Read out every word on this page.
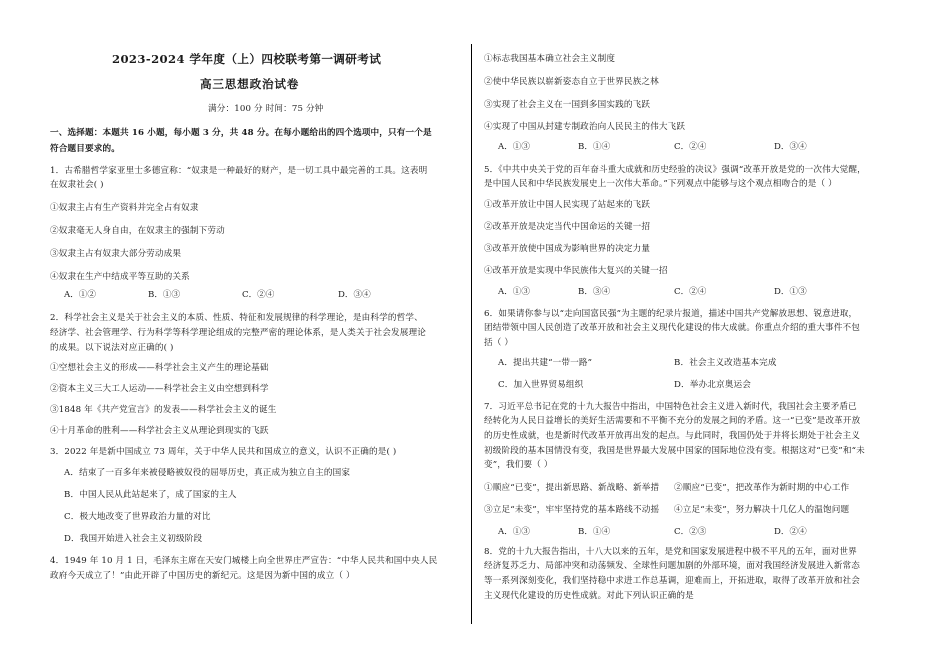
2023-2024 学年度（上）四校联考第一调研考试
高三思想政治试卷
满分：100 分 时间：75 分钟
一、选择题：本题共 16 小题，每小题 3 分，共 48 分。在每小题给出的四个选项中，只有一个是
符合题目要求的。
1．古希腊哲学家亚里士多德宣称：“奴隶是一种最好的财产，是一切工具中最完善的工具。这表明
在奴隶社会( )
①奴隶主占有生产资料并完全占有奴隶
②奴隶毫无人身自由，在奴隶主的强制下劳动
③奴隶主占有奴隶大部分劳动成果
④奴隶在生产中结成平等互助的关系
A．①②	B．①③	C．②④	D．③④
2．科学社会主义是关于社会主义的本质、性质、特征和发展规律的科学理论，是由科学的哲学、
经济学、社会管理学、行为科学等科学理论组成的完整严密的理论体系，是人类关于社会发展理论
的成果。以下说法对应正确的( )
①空想社会主义的形成——科学社会主义产生的理论基础
②资本主义三大工人运动——科学社会主义由空想到科学
③1848 年《共产党宣言》的发表——科学社会主义的诞生
④十月革命的胜利——科学社会主义从理论到现实的飞跃
3．2022 年是新中国成立 73 周年，关于中华人民共和国成立的意义，认识不正确的是( )
A．结束了一百多年来被侵略被奴役的屈辱历史，真正成为独立自主的国家
B．中国人民从此站起来了，成了国家的主人
C．极大地改变了世界政治力量的对比
D．我国开始进入社会主义初级阶段
4．1949 年 10 月 1 日，毛泽东主席在天安门城楼上向全世界庄严宣告：“中华人民共和国中央人民
政府今天成立了！”由此开辟了中国历史的新纪元。这是因为新中国的成立（ ）
①标志我国基本确立社会主义制度
②使中华民族以崭新姿态自立于世界民族之林
③实现了社会主义在一国到多国实践的飞跃
④实现了中国从封建专制政治向人民民主的伟大飞跃
A．①③	B．①④	C．②④	D．③④
5．《中共中央关于党的百年奋斗重大成就和历史经验的决议》强调“改革开放是党的一次伟大觉醒，
是中国人民和中华民族发展史上一次伟大革命。”下列观点中能够与这个观点相吻合的是（ ）
①改革开放让中国人民实现了站起来的飞跃
②改革开放是决定当代中国命运的关键一招
③改革开放使中国成为影响世界的决定力量
④改革开放是实现中华民族伟大复兴的关键一招
A．①③	B．③④	C．②④	D．①③
6．如果请你参与以“走向国富民强”为主题的纪录片报道，描述中国共产党解放思想、锐意进取，
团结带领中国人民创造了改革开放和社会主义现代化建设的伟大成就。你重点介绍的重大事件不包
括（ ）
A．提出共建“一带一路”	B．社会主义改造基本完成
C．加入世界贸易组织	D．举办北京奥运会
7．习近平总书记在党的十九大报告中指出，中国特色社会主义进入新时代，我国社会主要矛盾已
经转化为人民日益增长的美好生活需要和不平衡不充分的发展之间的矛盾。这一“已变”是改革开放
的历史性成就，也是新时代改革开放再出发的起点。与此同时，我国仍处于并将长期处于社会主义
初级阶段的基本国情没有变，我国是世界最大发展中国家的国际地位没有变。根据这对“已变”和“未
变”，我们要（ ）
①顺应“已变”，提出新思路、新战略、新举措 ②顺应“已变”，把改革作为新时期的中心工作
③立足“未变”，牢牢坚持党的基本路线不动摇 ④立足“未变”，努力解决十几亿人的温饱问题
A．①③	B．①④	C．②③	D．②④
8．党的十九大报告指出，十八大以来的五年，是党和国家发展进程中极不平凡的五年，面对世界
经济复苏乏力、局部冲突和动荡频发、全球性问题加剧的外部环境，面对我国经济发展进入新常态
等一系列深刻变化，我们坚持稳中求进工作总基调，迎难而上，开拓进取，取得了改革开放和社会
主义现代化建设的历史性成就。对此下列认识正确的是
